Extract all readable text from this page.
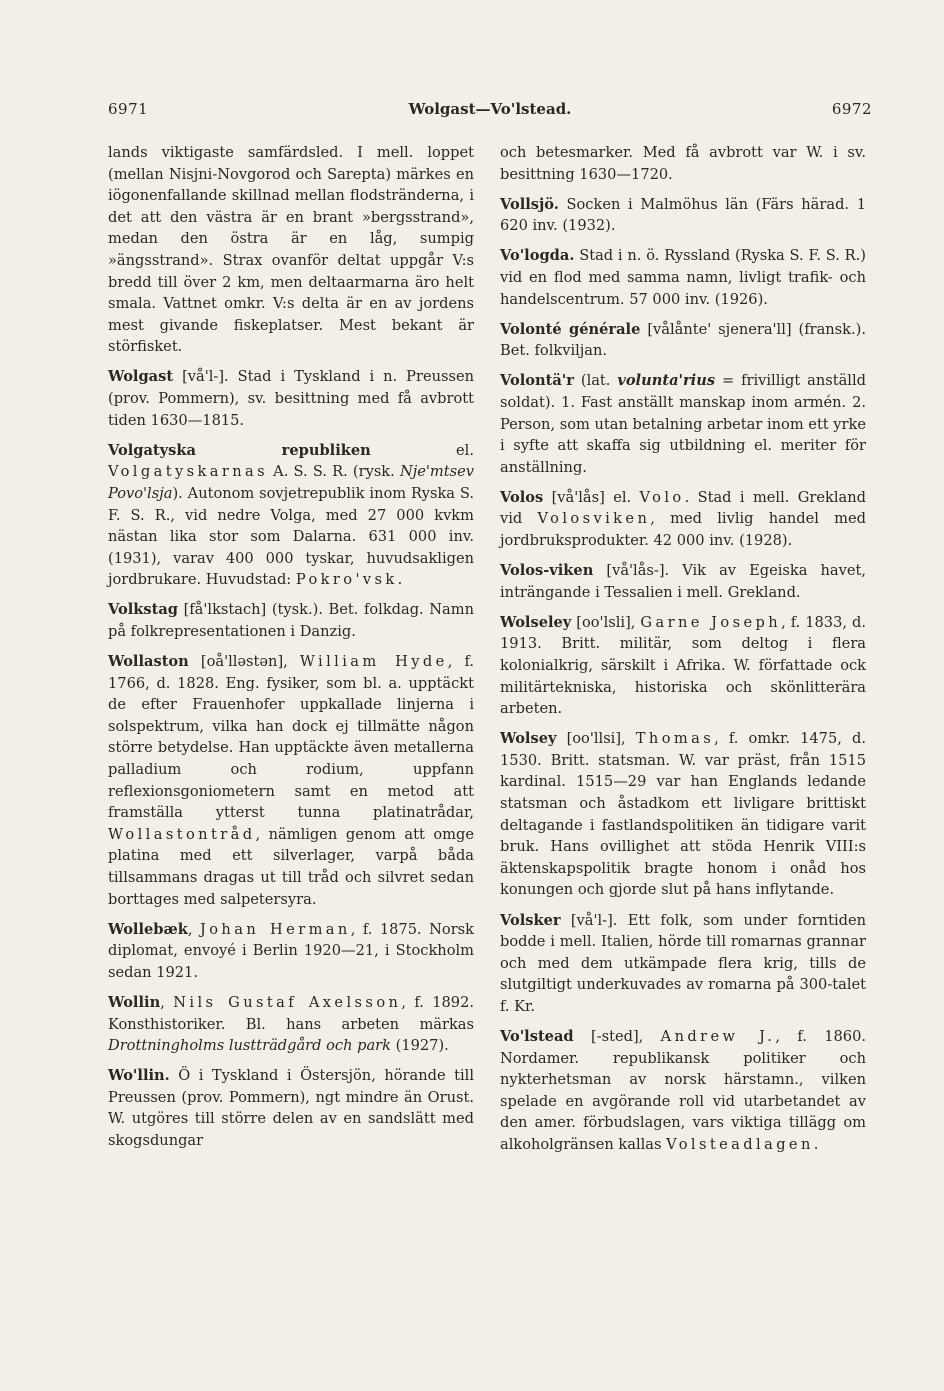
6971	Wolgast—Vo'lstead.	6972

lands viktigaste samfärdsled. I mell. loppet (mellan Nisjni-Novgorod och Sarepta) märkes en iögonenfallande skillnad mellan flodstränderna, i det att den västra är en brant »bergsstrand», medan den östra är en låg, sumpig »ängsstrand». Strax ovanför deltat uppgår V:s bredd till över 2 km, men deltaarmarna äro helt smala. Vattnet omkr. V:s delta är en av jordens mest givande fiskeplatser. Mest bekant är störfisket.

Wolgast [vå'l-]. Stad i Tyskland i n. Preussen (prov. Pommern), sv. besittning med få avbrott tiden 1630—1815.

Volgatyska republiken el. Volgatyskarnas A. S. S. R. (rysk. Nje'mtsev Povo'lsja). Autonom sovjetrepublik inom Ryska S. F. S. R., vid nedre Volga, med 27 000 kvkm nästan lika stor som Dalarna. 631 000 inv. (1931), varav 400 000 tyskar, huvudsakligen jordbrukare. Huvudstad: Pokro'vsk.

Volkstag [få'lkstach] (tysk.). Bet. folkdag. Namn på folkrepresentationen i Danzig.

Wollaston [oå'lləstən], William Hyde, f. 1766, d. 1828. Eng. fysiker, som bl. a. upptäckt de efter Frauenhofer uppkallade linjerna i solspektrum, vilka han dock ej tillmätte någon större betydelse. Han upptäckte även metallerna palladium och rodium, uppfann reflexionsgoniometern samt en metod att framställa ytterst tunna platinatrådar, Wollastontråd, nämligen genom att omge platina med ett silverlager, varpå båda tillsammans dragas ut till tråd och silvret sedan borttages med salpetersyra.

Wollebæk, Johan Herman, f. 1875. Norsk diplomat, envoyé i Berlin 1920—21, i Stockholm sedan 1921.

Wollin, Nils Gustaf Axelsson, f. 1892. Konsthistoriker. Bl. hans arbeten märkas Drottningholms lustträdgård och park (1927).

Wo'llin. Ö i Tyskland i Östersjön, hörande till Preussen (prov. Pommern), ngt mindre än Orust. W. utgöres till större delen av en sandslätt med skogsdungar

och betesmarker. Med få avbrott var W. i sv. besittning 1630—1720.

Vollsjö. Socken i Malmöhus län (Färs härad. 1 620 inv. (1932).

Vo'logda. Stad i n. ö. Ryssland (Ryska S. F. S. R.) vid en flod med samma namn, livligt trafik- och handelscentrum. 57 000 inv. (1926).

Volonté générale [vålånte' sjenera'll] (fransk.). Bet. folkviljan.

Volontä'r (lat. volunta'rius = frivilligt anställd soldat). 1. Fast anställt manskap inom armén. 2. Person, som utan betalning arbetar inom ett yrke i syfte att skaffa sig utbildning el. meriter för anställning.

Volos [vå'lås] el. Volo. Stad i mell. Grekland vid Volosviken, med livlig handel med jordbruksprodukter. 42 000 inv. (1928).

Volos-viken [vå'lås-]. Vik av Egeiska havet, inträngande i Tessalien i mell. Grekland.

Wolseley [oo'lsli], Garne Joseph, f. 1833, d. 1913. Britt. militär, som deltog i flera kolonialkrig, särskilt i Afrika. W. författade ock militärtekniska, historiska och skönlitterära arbeten.

Wolsey [oo'llsi], Thomas, f. omkr. 1475, d. 1530. Britt. statsman. W. var präst, från 1515 kardinal. 1515—29 var han Englands ledande statsman och åstadkom ett livligare brittiskt deltagande i fastlandspolitiken än tidigare varit bruk. Hans ovillighet att stöda Henrik VIII:s äktenskapspolitik bragte honom i onåd hos konungen och gjorde slut på hans inflytande.

Volsker [vå'l-]. Ett folk, som under forntiden bodde i mell. Italien, hörde till romarnas grannar och med dem utkämpade flera krig, tills de slutgiltigt underkuvades av romarna på 300-talet f. Kr.

Vo'lstead [-sted], Andrew J., f. 1860. Nordamer. republikansk politiker och nykterhetsman av norsk härstamn., vilken spelade en avgörande roll vid utarbetandet av den amer. förbudslagen, vars viktiga tillägg om alkoholgränsen kallas Volsteadlagen.
